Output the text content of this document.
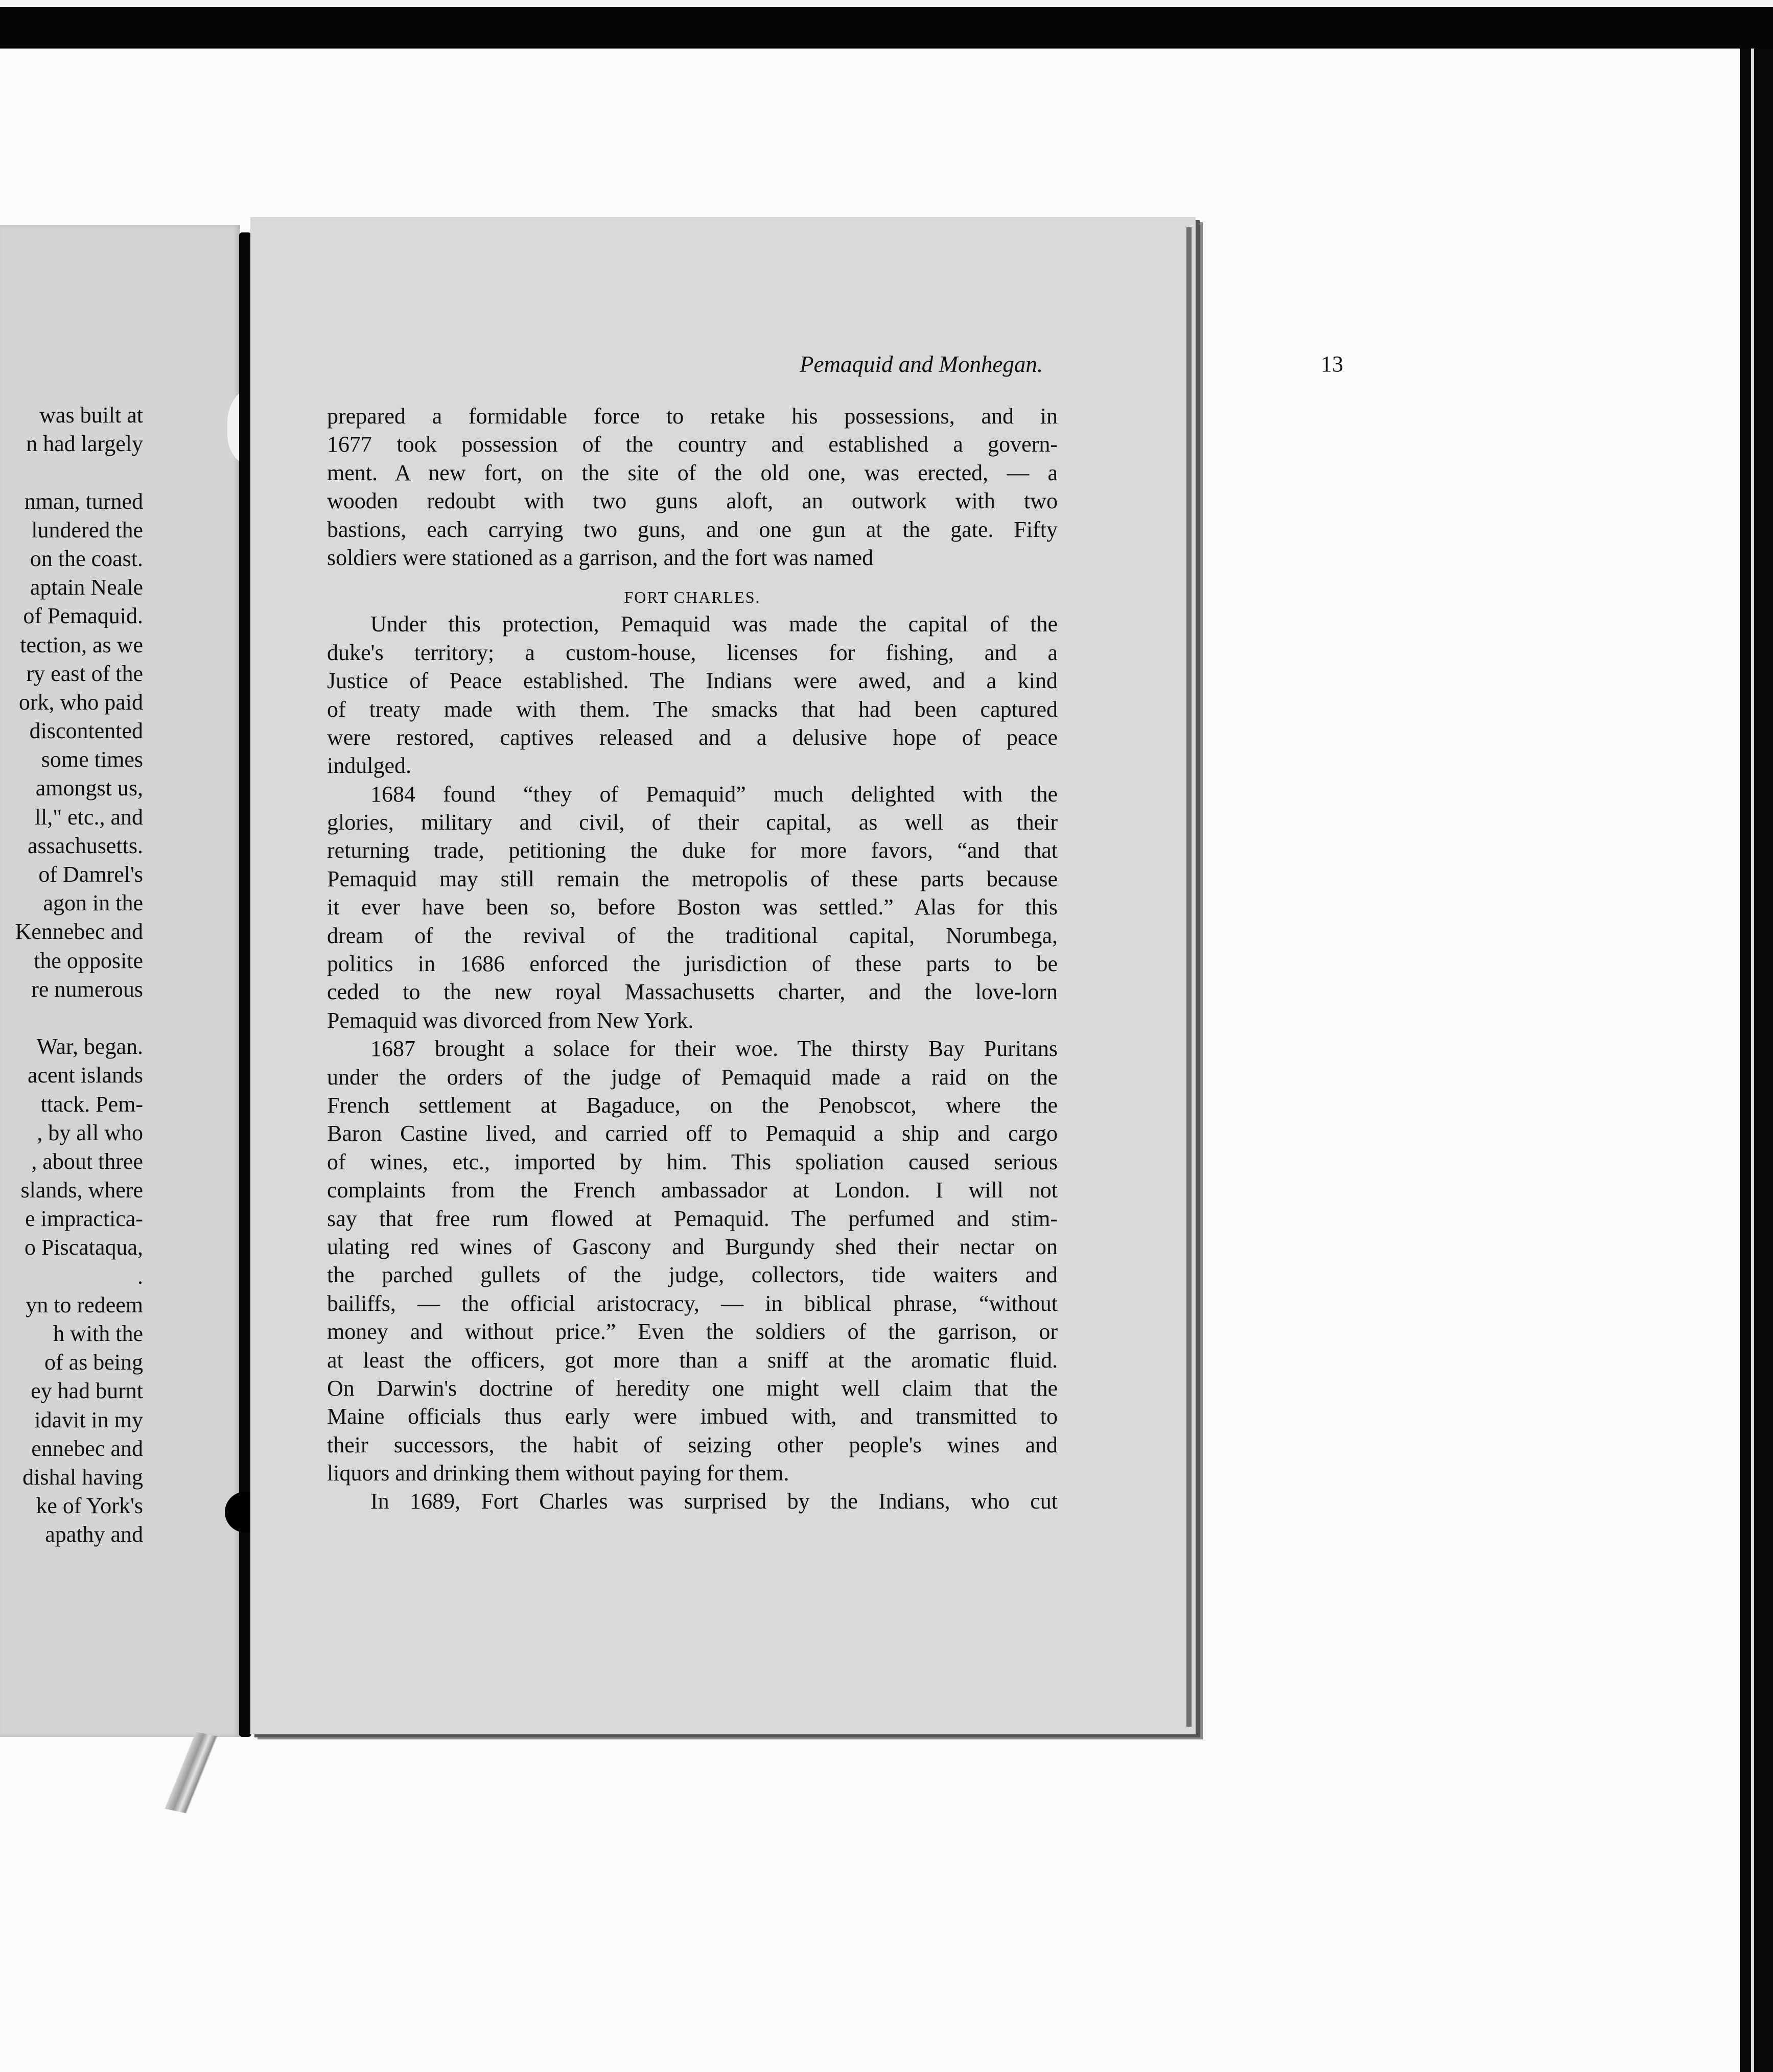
was built at
n had largely
nman, turned
lundered the
on the coast.
aptain Neale
of Pemaquid.
tection, as we
ry east of the
ork, who paid
discontented
some times
amongst us,
ll," etc., and
assachusetts.
of Damrel's
agon in the
Kennebec and
the opposite
re numerous
War, began.
acent islands
ttack. Pem-
, by all who
, about three
slands, where
e impractica-
o Piscataqua,
.
yn to redeem
h with the
of as being
ey had burnt
idavit in my
ennebec and
dishal having
ke of York's
apathy and
Pemaquid and Monhegan.	13
prepared a formidable force to retake his possessions, and in
1677 took possession of the country and established a govern-
ment. A new fort, on the site of the old one, was erected, — a
wooden redoubt with two guns aloft, an outwork with two
bastions, each carrying two guns, and one gun at the gate. Fifty
soldiers were stationed as a garrison, and the fort was named
FORT CHARLES.
Under this protection, Pemaquid was made the capital of the
duke's territory; a custom-house, licenses for fishing, and a
Justice of Peace established. The Indians were awed, and a kind
of treaty made with them. The smacks that had been captured
were restored, captives released and a delusive hope of peace
indulged.
1684 found “they of Pemaquid” much delighted with the
glories, military and civil, of their capital, as well as their
returning trade, petitioning the duke for more favors, “and that
Pemaquid may still remain the metropolis of these parts because
it ever have been so, before Boston was settled.” Alas for this
dream of the revival of the traditional capital, Norumbega,
politics in 1686 enforced the jurisdiction of these parts to be
ceded to the new royal Massachusetts charter, and the love-lorn
Pemaquid was divorced from New York.
1687 brought a solace for their woe. The thirsty Bay Puritans
under the orders of the judge of Pemaquid made a raid on the
French settlement at Bagaduce, on the Penobscot, where the
Baron Castine lived, and carried off to Pemaquid a ship and cargo
of wines, etc., imported by him. This spoliation caused serious
complaints from the French ambassador at London. I will not
say that free rum flowed at Pemaquid. The perfumed and stim-
ulating red wines of Gascony and Burgundy shed their nectar on
the parched gullets of the judge, collectors, tide waiters and
bailiffs, — the official aristocracy, — in biblical phrase, “without
money and without price.” Even the soldiers of the garrison, or
at least the officers, got more than a sniff at the aromatic fluid.
On Darwin's doctrine of heredity one might well claim that the
Maine officials thus early were imbued with, and transmitted to
their successors, the habit of seizing other people's wines and
liquors and drinking them without paying for them.
In 1689, Fort Charles was surprised by the Indians, who cut
